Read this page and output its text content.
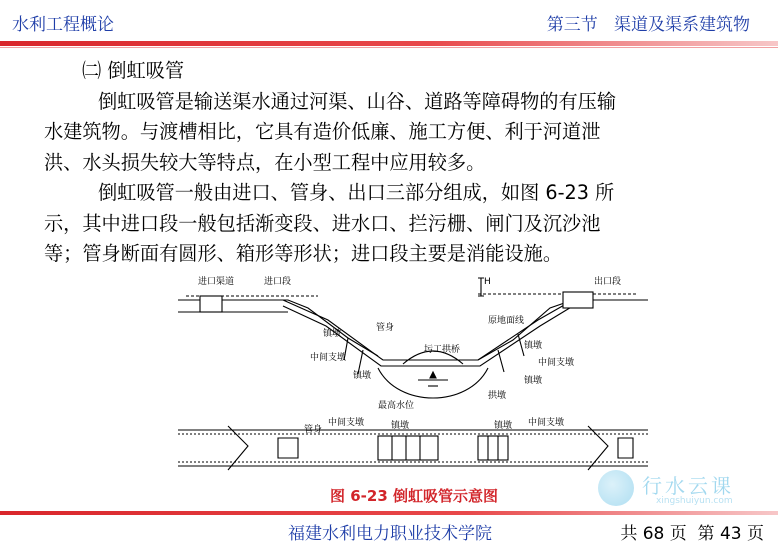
水利工程概论	第三节   渠道及渠系建筑物

㈡ 倒虹吸管

倒虹吸管是输送渠水通过河渠、山谷、道路等障碍物的有压输

水建筑物。与渡槽相比，它具有造价低廉、施工方便、利于河道泄

洪、水头损失较大等特点，在小型工程中应用较多。

倒虹吸管一般由进口、管身、出口三部分组成，如图 6-23 所

示，其中进口段一般包括渐变段、进水口、拦污栅、闸门及沉沙池

等；管身断面有圆形、箱形等形状；进口段主要是消能设施。

进口渠道	进口段	出口段
H
管身
原地面线
镇墩
中间支墩
圬工拱桥
中间支墩
镇墩
镇墩
镇墩
最高水位
拱墩
管身
中间支墩	镇墩	镇墩 中间支墩
图 6-23 倒虹吸管示意图	行水云课
xingshuiyun.com
福建水利电力职业技术学院	共 68 页  第 43 页
